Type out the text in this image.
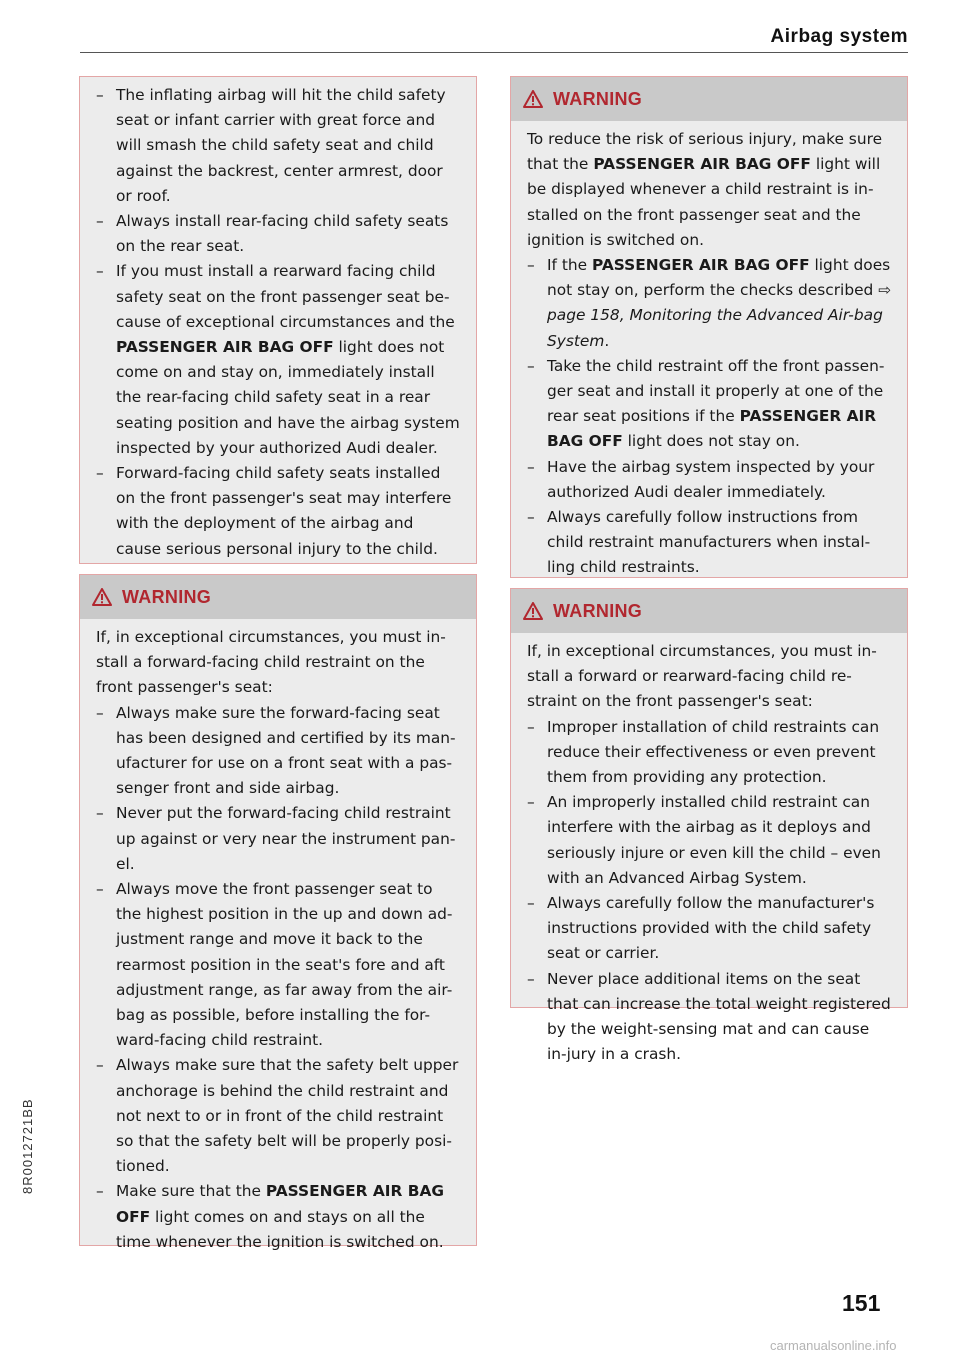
Airbag system
– The inflating airbag will hit the child safety seat or infant carrier with great force and will smash the child safety seat and child against the backrest, center armrest, door or roof.
– Always install rear-facing child safety seats on the rear seat.
– If you must install a rearward facing child safety seat on the front passenger seat be-cause of exceptional circumstances and the PASSENGER AIR BAG OFF light does not come on and stay on, immediately install the rear-facing child safety seat in a rear seating position and have the airbag system inspected by your authorized Audi dealer.
– Forward-facing child safety seats installed on the front passenger's seat may interfere with the deployment of the airbag and cause serious personal injury to the child.
WARNING

If, in exceptional circumstances, you must in-stall a forward-facing child restraint on the front passenger's seat:

– Always make sure the forward-facing seat has been designed and certified by its man-ufacturer for use on a front seat with a pas-senger front and side airbag.
– Never put the forward-facing child restraint up against or very near the instrument pan-el.
– Always move the front passenger seat to the highest position in the up and down ad-justment range and move it back to the rearmost position in the seat's fore and aft adjustment range, as far away from the air-bag as possible, before installing the for-ward-facing child restraint.
– Always make sure that the safety belt upper anchorage is behind the child restraint and not next to or in front of the child restraint so that the safety belt will be properly posi-tioned.
– Make sure that the PASSENGER AIR BAG OFF light comes on and stays on all the time whenever the ignition is switched on.
WARNING

To reduce the risk of serious injury, make sure that the PASSENGER AIR BAG OFF light will be displayed whenever a child restraint is in-stalled on the front passenger seat and the ignition is switched on.

– If the PASSENGER AIR BAG OFF light does not stay on, perform the checks described ⇨ page 158, Monitoring the Advanced Air-bag System.
– Take the child restraint off the front passen-ger seat and install it properly at one of the rear seat positions if the PASSENGER AIR BAG OFF light does not stay on.
– Have the airbag system inspected by your authorized Audi dealer immediately.
– Always carefully follow instructions from child restraint manufacturers when instal-ling child restraints.
WARNING

If, in exceptional circumstances, you must in-stall a forward or rearward-facing child re-straint on the front passenger's seat:

– Improper installation of child restraints can reduce their effectiveness or even prevent them from providing any protection.
– An improperly installed child restraint can interfere with the airbag as it deploys and seriously injure or even kill the child – even with an Advanced Airbag System.
– Always carefully follow the manufacturer's instructions provided with the child safety seat or carrier.
– Never place additional items on the seat that can increase the total weight registered by the weight-sensing mat and can cause in-jury in a crash.
8R0012721BB
151
carmanualsonline.info
